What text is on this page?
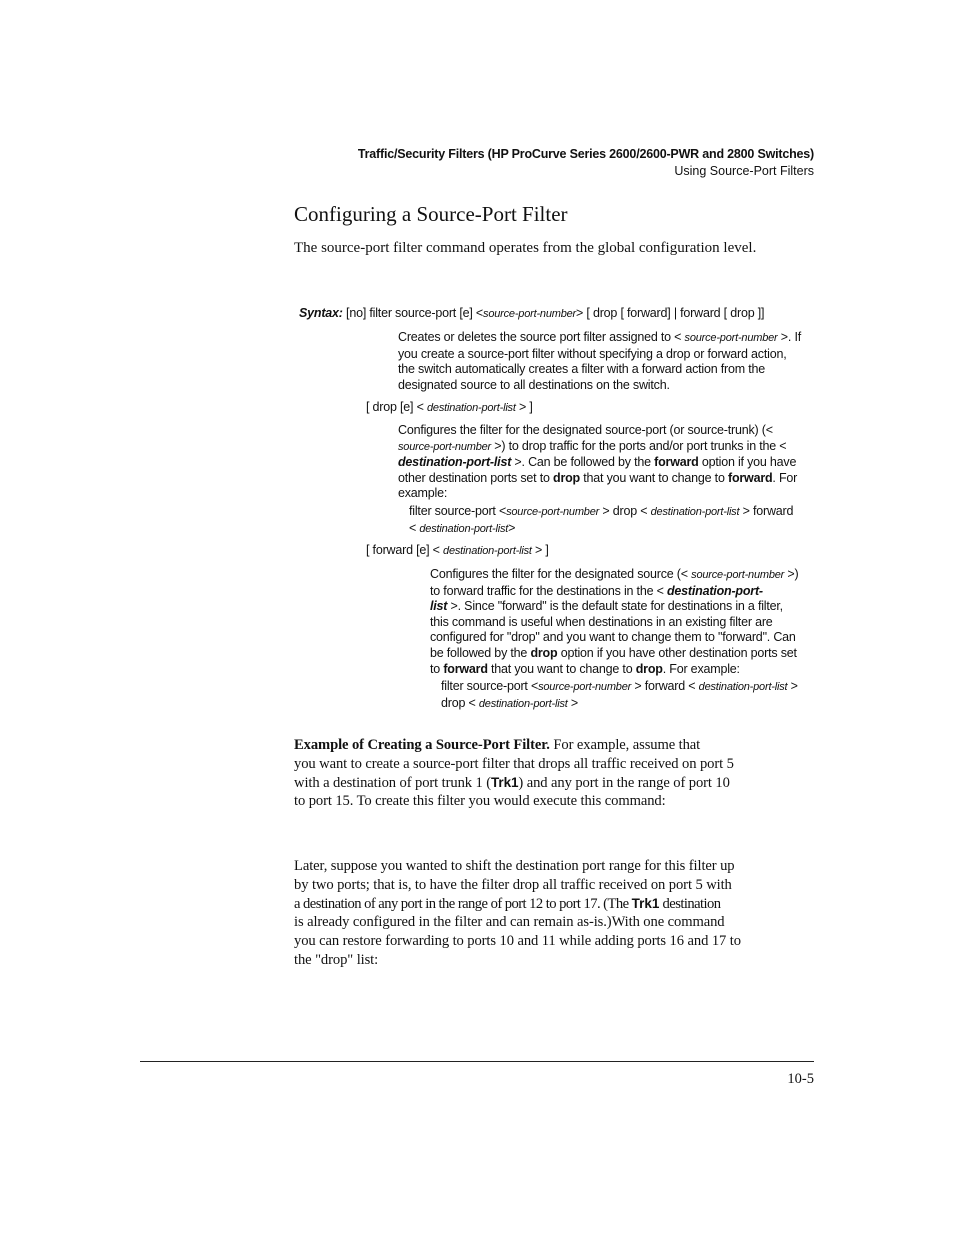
Traffic/Security Filters (HP ProCurve Series 2600/2600-PWR and 2800 Switches)
Using Source-Port Filters
Configuring a Source-Port Filter
The source-port filter command operates from the global configuration level.
Syntax: [no] filter source-port [e] <source-port-number> [ drop [ forward] | forward [ drop ]]
Creates or deletes the source port filter assigned to < source-port-number >. If
you create a source-port filter without specifying a drop or forward action,
the switch automatically creates a filter with a forward action from the
designated source to all destinations on the switch.
[ drop [e] < destination-port-list > ]
Configures the filter for the designated source-port (or source-trunk) (<
source-port-number >) to drop traffic for the ports and/or port trunks in the <
destination-port-list >. Can be followed by the forward option if you have
other destination ports set to drop that you want to change to forward. For
example:
filter source-port <source-port-number > drop < destination-port-list > forward
< destination-port-list>
[ forward [e] < destination-port-list > ]
Configures the filter for the designated source (< source-port-number >)
to forward traffic for the destinations in the < destination-port-
list >. Since "forward" is the default state for destinations in a filter,
this command is useful when destinations in an existing filter are
configured for "drop" and you want to change them to "forward". Can
be followed by the drop option if you have other destination ports set
to forward that you want to change to drop. For example:
filter source-port <source-port-number > forward < destination-port-list >
drop < destination-port-list >
Example of Creating a Source-Port Filter. For example, assume that
you want to create a source-port filter that drops all traffic received on port 5
with a destination of port trunk 1 (Trk1) and any port in the range of port 10
to port 15. To create this filter you would execute this command:
Later, suppose you wanted to shift the destination port range for this filter up
by two ports; that is, to have the filter drop all traffic received on port 5 with
a destination of any port in the range of port 12 to port 17. (The Trk1 destination
is already configured in the filter and can remain as-is.)With one command
you can restore forwarding to ports 10 and 11 while adding ports 16 and 17 to
the "drop" list:
10-5
